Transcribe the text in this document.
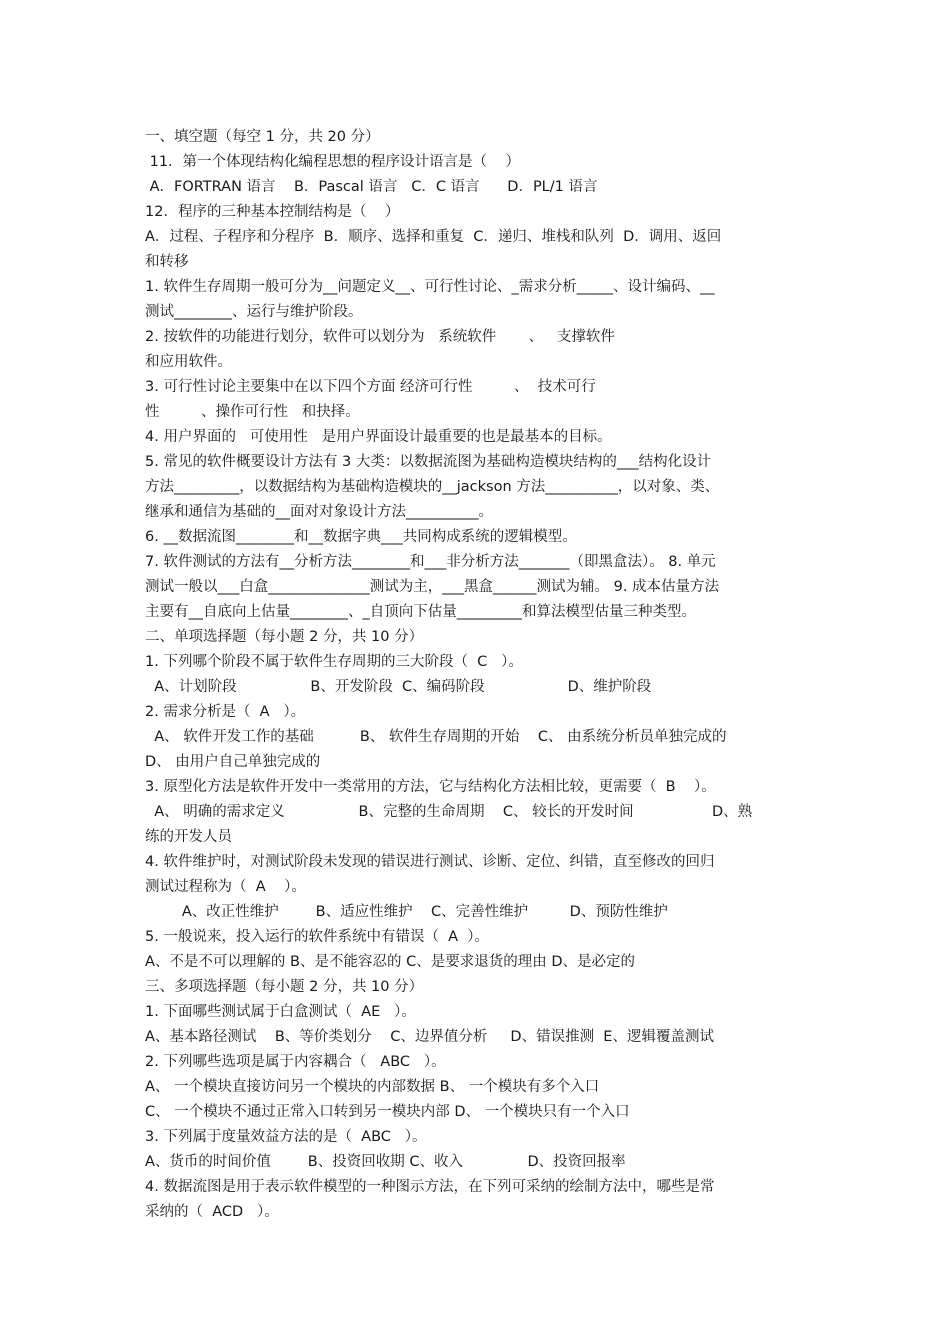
一、填空题（每空 1 分，共 20 分）
11．第一个体现结构化编程思想的程序设计语言是（    ）
A．FORTRAN 语言    B．Pascal 语言   C．C 语言      D．PL/1 语言
12．程序的三种基本控制结构是（    ）
A．过程、子程序和分程序  B．顺序、选择和重复  C．递归、堆栈和队列  D．调用、返回
和转移
1. 软件生存周期一般可分为__问题定义__、可行性讨论、_需求分析_____、设计编码、__
测试________、运行与维护阶段。
2. 按软件的功能进行划分，软件可以划分为   系统软件       、   支撑软件
和应用软件。
3. 可行性讨论主要集中在以下四个方面 经济可行性         、  技术可行
性         、操作可行性   和抉择。
4. 用户界面的   可使用性   是用户界面设计最重要的也是最基本的目标。
5. 常见的软件概要设计方法有 3 大类：以数据流图为基础构造模块结构的___结构化设计
方法_________，以数据结构为基础构造模块的__jackson 方法__________，以对象、类、
继承和通信为基础的__面对对象设计方法__________。
6. __数据流图________和__数据字典___共同构成系统的逻辑模型。
7. 软件测试的方法有__分析方法________和___非分析方法_______（即黑盒法）。 8. 单元
测试一般以___白盒______________测试为主，___黑盒______测试为辅。 9. 成本估量方法
主要有__自底向上估量________、_自顶向下估量_________和算法模型估量三种类型。
二、单项选择题（每小题 2 分，共 10 分）
1. 下列哪个阶段不属于软件生存周期的三大阶段（  C   ）。
A、计划阶段                B、开发阶段  C、编码阶段                  D、维护阶段
2. 需求分析是（  A   ）。
A、 软件开发工作的基础          B、 软件生存周期的开始    C、 由系统分析员单独完成的
D、 由用户自己单独完成的
3. 原型化方法是软件开发中一类常用的方法，它与结构化方法相比较，更需要（  B    ）。
A、 明确的需求定义                B、完整的生命周期    C、 较长的开发时间                 D、熟
练的开发人员
4. 软件维护时，对测试阶段未发现的错误进行测试、诊断、定位、纠错，直至修改的回归
测试过程称为（  A    ）。
A、改正性维护        B、适应性维护    C、完善性维护         D、预防性维护
5. 一般说来，投入运行的软件系统中有错误（  A  ）。
A、不是不可以理解的 B、是不能容忍的 C、是要求退货的理由 D、是必定的
三、多项选择题（每小题 2 分，共 10 分）
1. 下面哪些测试属于白盒测试（  AE   ）。
A、基本路径测试    B、等价类划分    C、边界值分析     D、错误推测  E、逻辑覆盖测试
2. 下列哪些选项是属于内容耦合（   ABC   ）。
A、 一个模块直接访问另一个模块的内部数据 B、 一个模块有多个入口
C、 一个模块不通过正常入口转到另一模块内部 D、 一个模块只有一个入口
3. 下列属于度量效益方法的是（  ABC   ）。
A、货币的时间价值        B、投资回收期 C、收入              D、投资回报率
4. 数据流图是用于表示软件模型的一种图示方法，在下列可采纳的绘制方法中，哪些是常
采纳的（  ACD   ）。
